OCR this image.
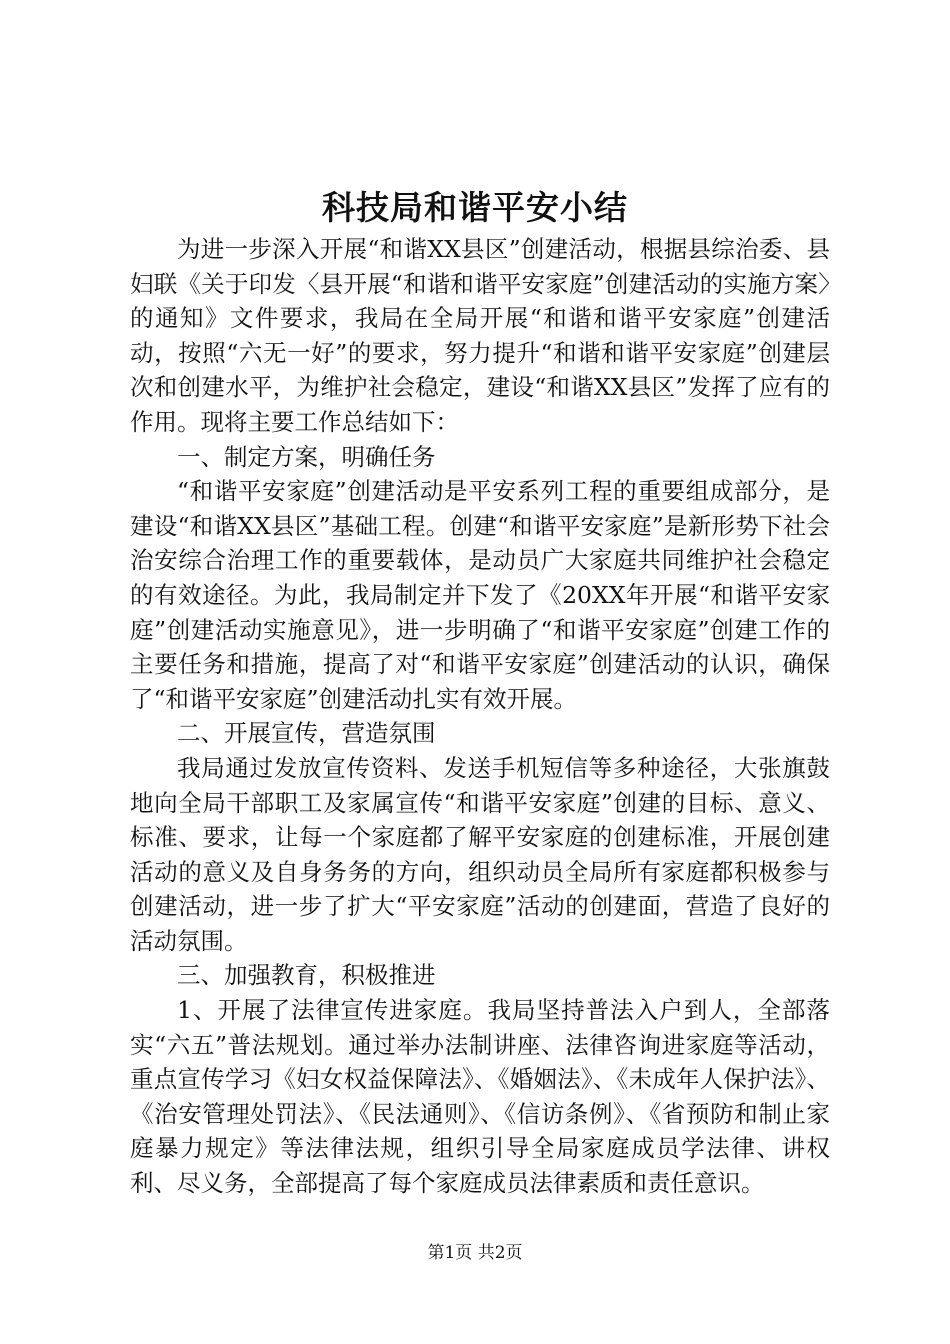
科技局和谐平安小结

为进一步深入开展“和谐XX县区”创建活动，根据县综治委、县妇联《关于印发〈县开展“和谐和谐平安家庭”创建活动的实施方案〉的通知》文件要求，我局在全局开展“和谐和谐平安家庭”创建活动，按照“六无一好”的要求，努力提升“和谐和谐平安家庭”创建层次和创建水平，为维护社会稳定，建设“和谐XX县区”发挥了应有的作用。现将主要工作总结如下：

一、制定方案，明确任务

“和谐平安家庭”创建活动是平安系列工程的重要组成部分，是建设“和谐XX县区”基础工程。创建“和谐平安家庭”是新形势下社会治安综合治理工作的重要载体，是动员广大家庭共同维护社会稳定的有效途径。为此，我局制定并下发了《20XX年开展“和谐平安家庭”创建活动实施意见》，进一步明确了“和谐平安家庭”创建工作的主要任务和措施，提高了对“和谐平安家庭”创建活动的认识，确保了“和谐平安家庭”创建活动扎实有效开展。

二、开展宣传，营造氛围

我局通过发放宣传资料、发送手机短信等多种途径，大张旗鼓地向全局干部职工及家属宣传“和谐平安家庭”创建的目标、意义、标准、要求，让每一个家庭都了解平安家庭的创建标准，开展创建活动的意义及自身务务的方向，组织动员全局所有家庭都积极参与创建活动，进一步了扩大“平安家庭”活动的创建面，营造了良好的活动氛围。

三、加强教育，积极推进

1、开展了法律宣传进家庭。我局坚持普法入户到人，全部落实“六五”普法规划。通过举办法制讲座、法律咨询进家庭等活动，重点宣传学习《妇女权益保障法》、《婚姻法》、《未成年人保护法》、《治安管理处罚法》、《民法通则》、《信访条例》、《省预防和制止家庭暴力规定》等法律法规，组织引导全局家庭成员学法律、讲权利、尽义务，全部提高了每个家庭成员法律素质和责任意识。

第1页 共2页
